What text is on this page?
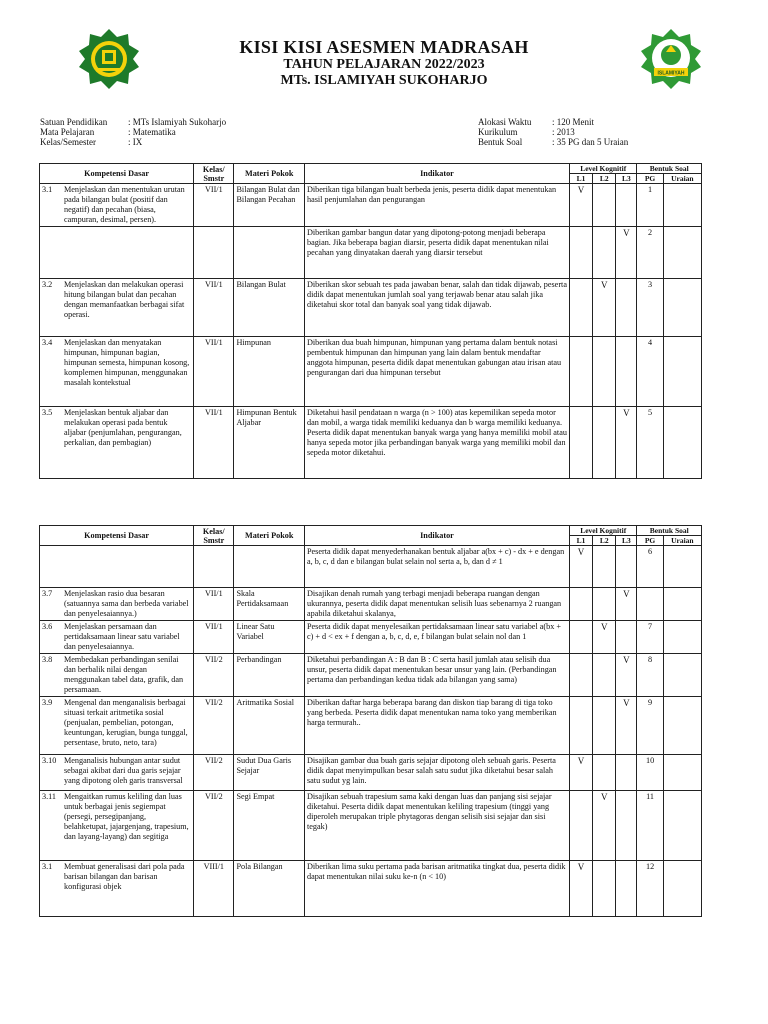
ISLAMIYAH
KISI KISI ASESMEN MADRASAH
TAHUN PELAJARAN 2022/2023
MTs. ISLAMIYAH SUKOHARJO
Satuan Pendidikan : MTs Islamiyah Sukoharjo
Mata Pelajaran	: Matematika
Kelas/Semester	: IX
Alokasi Waktu : 120 Menit
Kurikulum	: 2013
Bentuk Soal	: 35 PG dan 5 Uraian
Kompetensi Dasar	Kelas/ Smstr	Materi Pokok	Indikator	Level Kognitif			Bentuk Soal	
				L1	L2	L3	PG	Uraian

3.1 Menjelaskan dan menentukan urutan pada bilangan bulat (positif dan negatif) dan pecahan (biasa, campuran, desimal, persen).	VII/1	Bilangan Bulat dan Bilangan Pecahan	Diberikan tiga bilangan bualt berbeda jenis, peserta didik dapat menentukan hasil penjumlahan dan pengurangan	V			1	

			Diberikan gambar bangun datar yang dipotong-potong menjadi beberapa bagian. Jika beberapa bagian diarsir, peserta didik dapat menentukan nilai pecahan yang dinyatakan daerah yang diarsir tersebut			V	2	

3.2 Menjelaskan dan melakukan operasi hitung bilangan bulat dan pecahan dengan memanfaatkan berbagai sifat operasi.	VII/1	Bilangan Bulat	Diberikan skor sebuah tes pada jawaban benar, salah dan tidak dijawab, peserta didik dapat menentukan jumlah soal yang terjawab benar atau salah jika diketahui skor total dan banyak soal yang tidak dijawab.		V		3	

3.4 Menjelaskan dan menyatakan himpunan, himpunan bagian, himpunan semesta, himpunan kosong, komplemen himpunan, menggunakan masalah kontekstual	VII/1	Himpunan	Diberikan dua buah himpunan, himpunan yang pertama dalam bentuk notasi pembentuk himpunan dan himpunan yang lain dalam bentuk mendaftar anggota himpunan, peserta didik dapat menentukan gabungan atau irisan atau pengurangan dari dua himpunan tersebut				4	

3.5 Menjelaskan bentuk aljabar dan melakukan operasi pada bentuk aljabar (penjumlahan, pengurangan, perkalian, dan pembagian)	VII/1	Himpunan Bentuk Aljabar	Diketahui hasil pendataan n warga (n > 100) atas kepemilikan sepeda motor dan mobil, a warga tidak memiliki keduanya dan b warga memiliki keduanya. Peserta didik dapat menentukan banyak warga yang hanya memiliki mobil atau hanya sepeda motor jika perbandingan banyak warga yang memiliki mobil dan sepeda motor diketahui.			V	5	
Kompetensi Dasar	Kelas/ Smstr	Materi Pokok	Indikator	Level Kognitif			Bentuk Soal	
				L1	L2	L3	PG	Uraian

			Peserta didik dapat menyederhanakan bentuk aljabar a(bx + c) - dx + e dengan a, b, c, d dan e bilangan bulat selain nol serta a, b, dan d ≠ 1	V			6	

3.7 Menjelaskan rasio dua besaran (satuannya sama dan berbeda variabel dan penyelesaiannya.)	VII/1	Skala Pertidaksamaan	Disajikan denah rumah yang terbagi menjadi beberapa ruangan dengan ukurannya, peserta didik dapat menentukan selisih luas sebenarnya 2 ruangan apabila diketahui skalanya,			V		

3.6 Menjelaskan persamaan dan pertidaksamaan linear satu variabel dan penyelesaiannya.	VII/1	Linear Satu Variabel	Peserta didik dapat menyelesaikan pertidaksamaan linear satu variabel a(bx + c) + d < ex + f dengan a, b, c, d, e, f bilangan bulat selain nol dan 1		V		7	

3.8 Membedakan perbandingan senilai dan berbalik nilai dengan menggunakan tabel data, grafik, dan persamaan.	VII/2	Perbandingan	Diketahui perbandingan A : B dan B : C serta hasil jumlah atau selisih dua unsur, peserta didik dapat menentukan besar unsur yang lain. (Perbandingan pertama dan perbandingan kedua tidak ada bilangan yang sama)			V	8	

3.9 Mengenal dan menganalisis berbagai situasi terkait aritmetika sosial (penjualan, pembelian, potongan, keuntungan, kerugian, bunga tunggal, persentase, bruto, neto, tara)	VII/2	Aritmatika Sosial	Diberikan daftar harga beberapa barang dan diskon tiap barang di tiga toko yang berbeda. Peserta didik dapat menentukan nama toko yang memberikan harga termurah..			V	9	

3.10 Menganalisis hubungan antar sudut sebagai akibat dari dua garis sejajar yang dipotong oleh garis transversal	VII/2	Sudut Dua Garis Sejajar	Disajikan gambar dua buah garis sejajar dipotong oleh sebuah garis. Peserta didik dapat menyimpulkan besar salah satu sudut jika diketahui besar salah satu sudut yg lain.	V			10	

3.11 Mengaitkan rumus keliling dan luas untuk berbagai jenis segiempat (persegi, persegipanjang, belahketupat, jajargenjang, trapesium, dan layang-layang) dan segitiga	VII/2	Segi Empat	Disajikan sebuah trapesium sama kaki dengan luas dan panjang sisi sejajar diketahui. Peserta didik dapat menentukan keliling trapesium (tinggi yang diperoleh merupakan triple phytagoras dengan selisih sisi sejajar dan sisi tegak)		V		11	

3.1 Membuat generalisasi dari pola pada barisan bilangan dan barisan konfigurasi objek	VIII/1	Pola Bilangan	Diberikan lima suku pertama pada barisan aritmatika tingkat dua, peserta didik dapat menentukan nilai suku ke-n (n < 10)	V			12	
